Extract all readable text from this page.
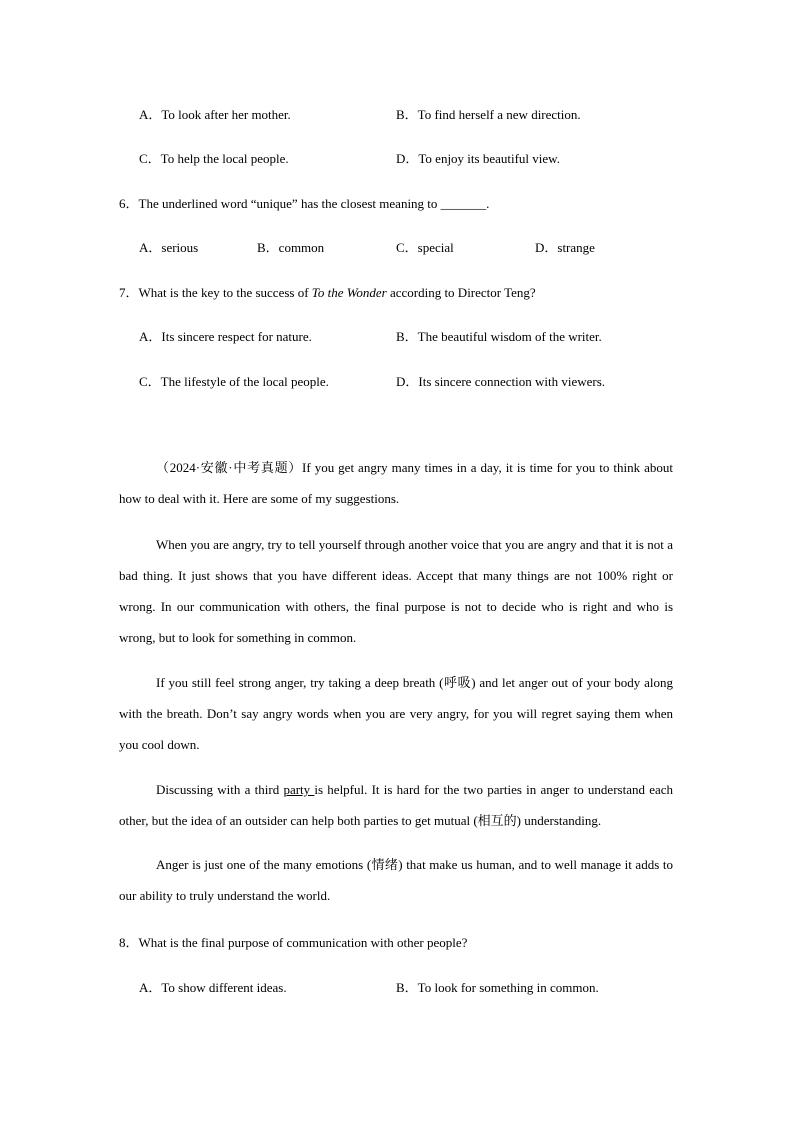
A．To look after her mother.	B．To find herself a new direction.
C．To help the local people.	D．To enjoy its beautiful view.
6．The underlined word “unique” has the closest meaning to _______.
A．serious	B．common	C．special	D．strange
7．What is the key to the success of To the Wonder according to Director Teng?
A．Its sincere respect for nature.	B．The beautiful wisdom of the writer.
C．The lifestyle of the local people.	D．Its sincere connection with viewers.
（2024·安徽·中考真题）If you get angry many times in a day, it is time for you to think about how to deal with it. Here are some of my suggestions.
When you are angry, try to tell yourself through another voice that you are angry and that it is not a bad thing. It just shows that you have different ideas. Accept that many things are not 100% right or wrong. In our communication with others, the final purpose is not to decide who is right and who is wrong, but to look for something in common.
If you still feel strong anger, try taking a deep breath (呼吸) and let anger out of your body along with the breath. Don’t say angry words when you are very angry, for you will regret saying them when you cool down.
Discussing with a third party is helpful. It is hard for the two parties in anger to understand each other, but the idea of an outsider can help both parties to get mutual (相互的) understanding.
Anger is just one of the many emotions (情绪) that make us human, and to well manage it adds to our ability to truly understand the world.
8．What is the final purpose of communication with other people?
A．To show different ideas.	B．To look for something in common.
